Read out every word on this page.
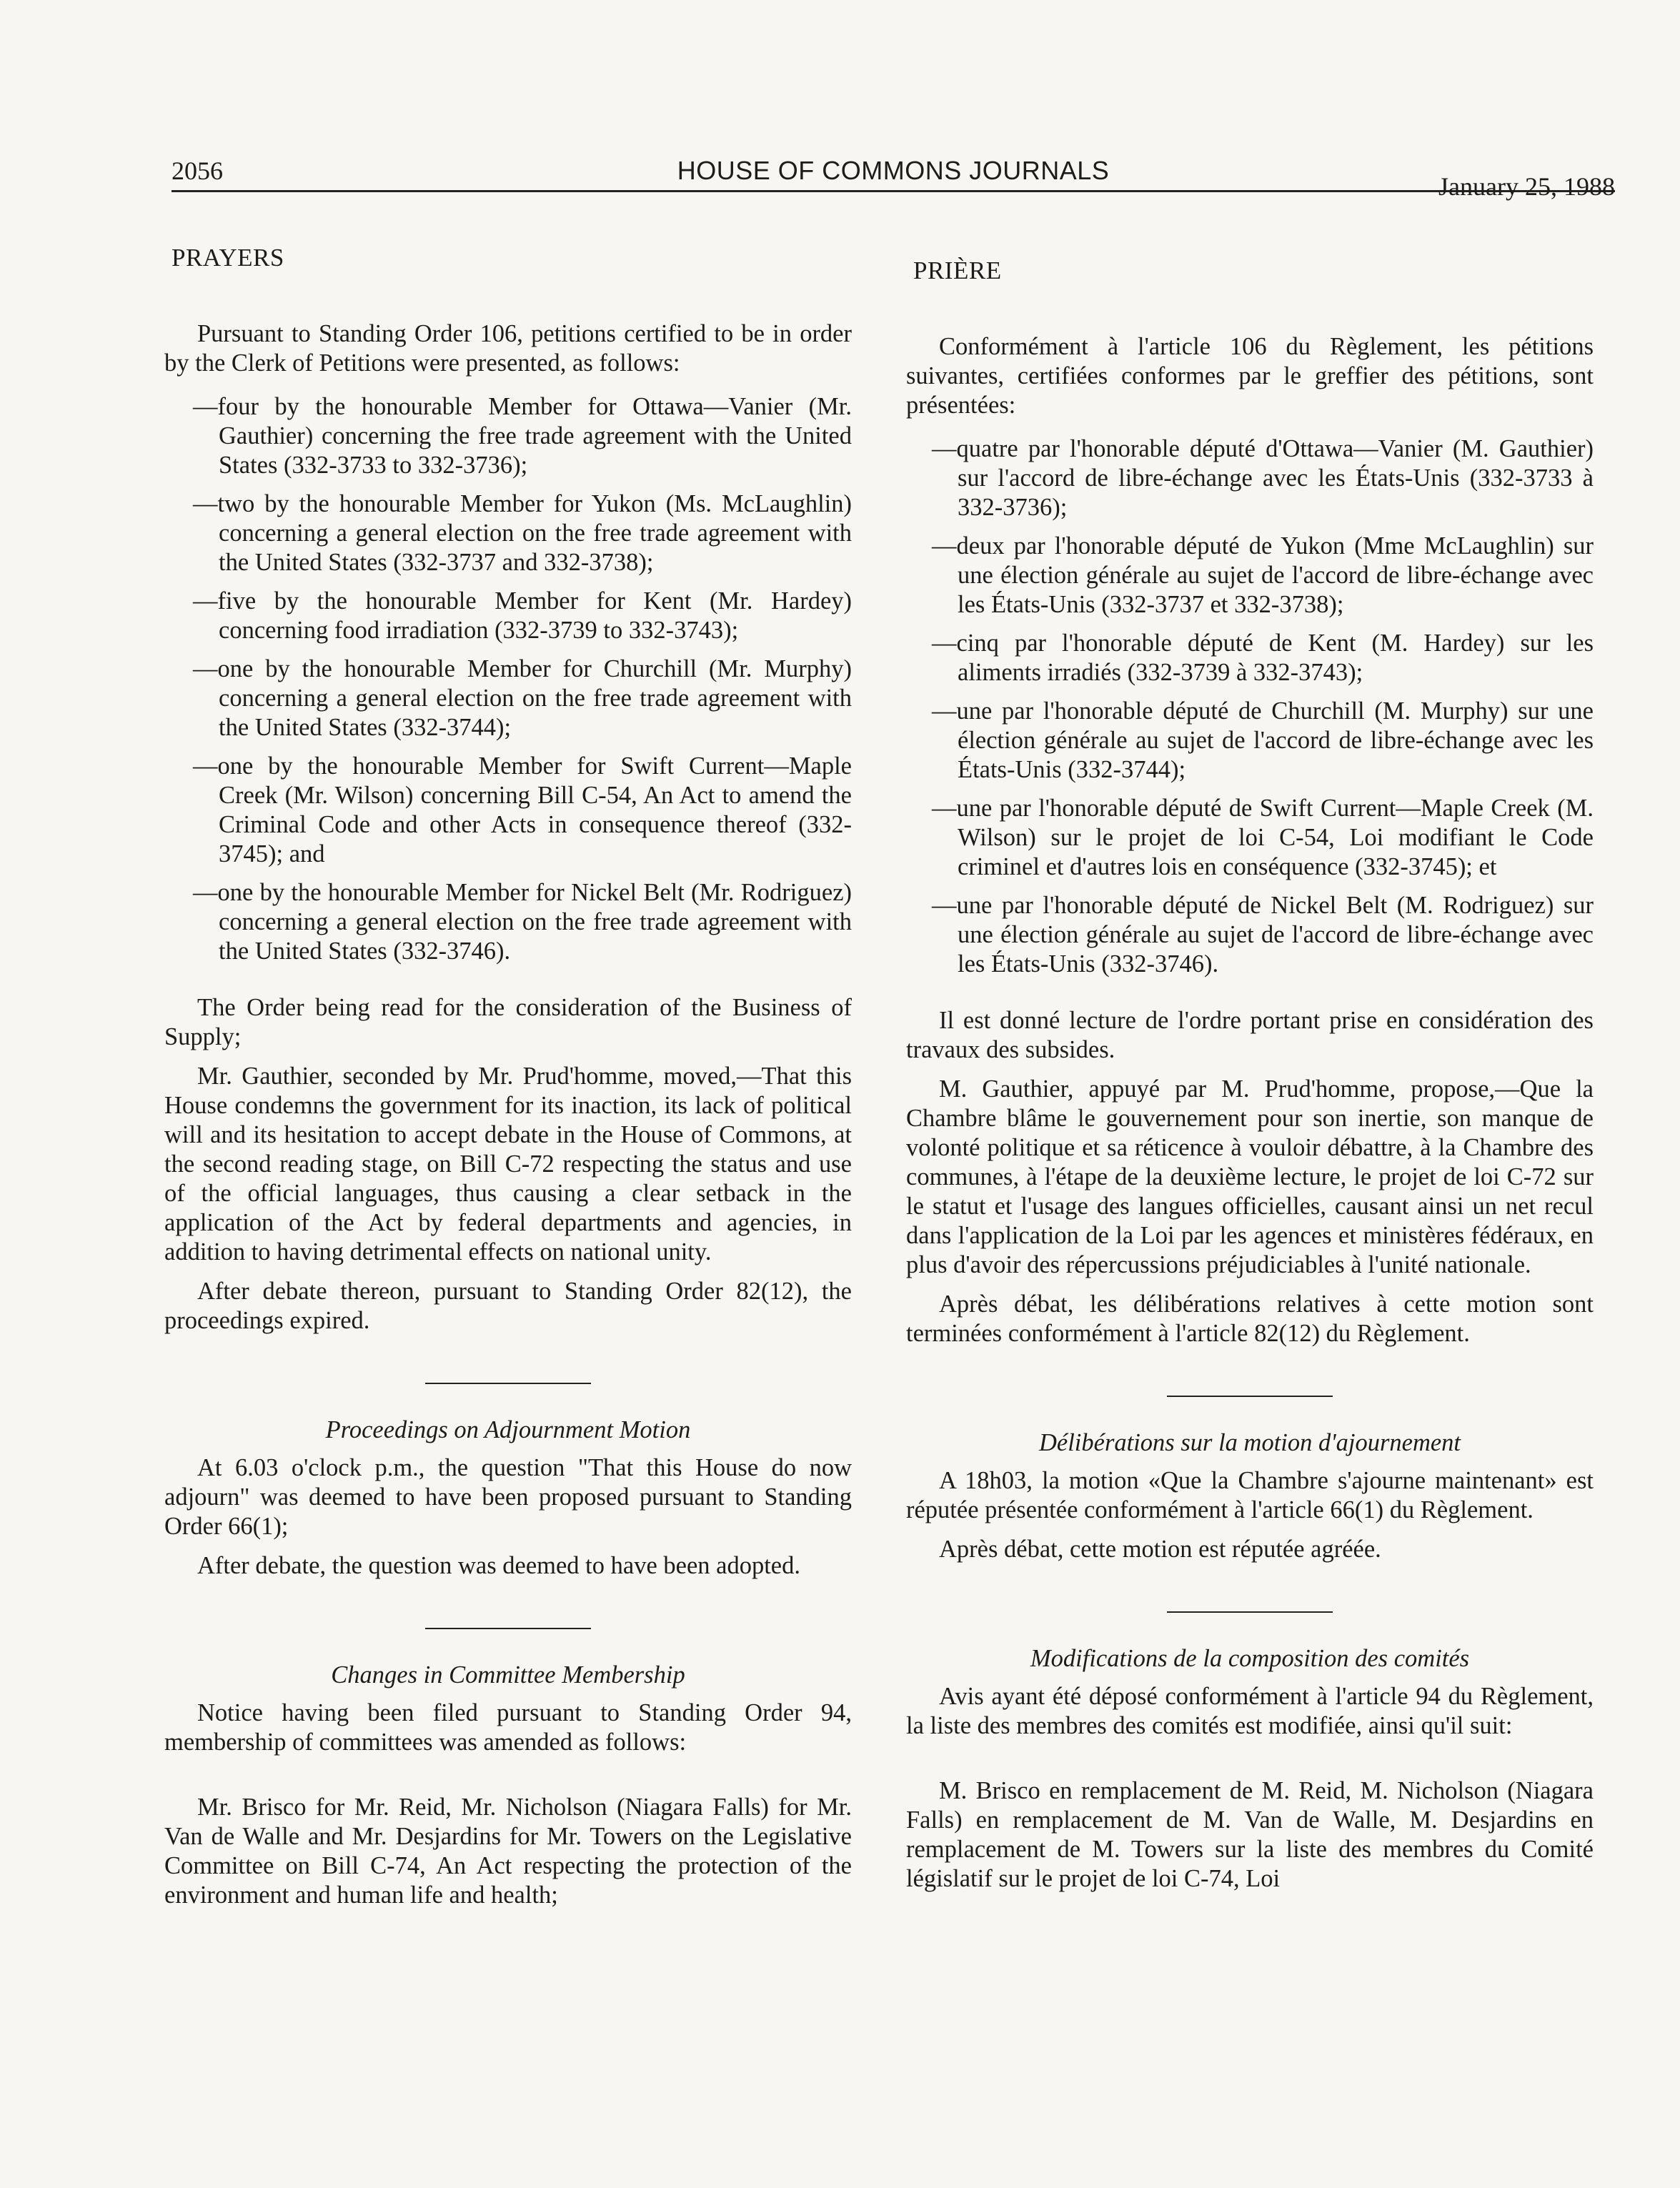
2056	HOUSE OF COMMONS JOURNALS
January 25, 1988
PRAYERS

Pursuant to Standing Order 106, petitions certified to be in order by the Clerk of Petitions were presented, as follows:

—four by the honourable Member for Ottawa—Vanier (Mr. Gauthier) concerning the free trade agreement with the United States (332-3733 to 332-3736);
—two by the honourable Member for Yukon (Ms. McLaughlin) concerning a general election on the free trade agreement with the United States (332-3737 and 332-3738);
—five by the honourable Member for Kent (Mr. Hardey) concerning food irradiation (332-3739 to 332-3743);
—one by the honourable Member for Churchill (Mr. Murphy) concerning a general election on the free trade agreement with the United States (332-3744);
—one by the honourable Member for Swift Current—Maple Creek (Mr. Wilson) concerning Bill C-54, An Act to amend the Criminal Code and other Acts in consequence thereof (332-3745); and
—one by the honourable Member for Nickel Belt (Mr. Rodriguez) concerning a general election on the free trade agreement with the United States (332-3746).

The Order being read for the consideration of the Business of Supply;

Mr. Gauthier, seconded by Mr. Prud'homme, moved,—That this House condemns the government for its inaction, its lack of political will and its hesitation to accept debate in the House of Commons, at the second reading stage, on Bill C-72 respecting the status and use of the official languages, thus causing a clear setback in the application of the Act by federal departments and agencies, in addition to having detrimental effects on national unity.

After debate thereon, pursuant to Standing Order 82(12), the proceedings expired.

Proceedings on Adjournment Motion

At 6.03 o'clock p.m., the question "That this House do now adjourn" was deemed to have been proposed pursuant to Standing Order 66(1);

After debate, the question was deemed to have been adopted.

Changes in Committee Membership

Notice having been filed pursuant to Standing Order 94, membership of committees was amended as follows:

Mr. Brisco for Mr. Reid, Mr. Nicholson (Niagara Falls) for Mr. Van de Walle and Mr. Desjardins for Mr. Towers on the Legislative Committee on Bill C-74, An Act respecting the protection of the environment and human life and health;

PRIÈRE

Conformément à l'article 106 du Règlement, les pétitions suivantes, certifiées conformes par le greffier des pétitions, sont présentées:

—quatre par l'honorable député d'Ottawa—Vanier (M. Gauthier) sur l'accord de libre-échange avec les États-Unis (332-3733 à 332-3736);
—deux par l'honorable député de Yukon (Mme McLaughlin) sur une élection générale au sujet de l'accord de libre-échange avec les États-Unis (332-3737 et 332-3738);
—cinq par l'honorable député de Kent (M. Hardey) sur les aliments irradiés (332-3739 à 332-3743);
—une par l'honorable député de Churchill (M. Murphy) sur une élection générale au sujet de l'accord de libre-échange avec les États-Unis (332-3744);
—une par l'honorable député de Swift Current—Maple Creek (M. Wilson) sur le projet de loi C-54, Loi modifiant le Code criminel et d'autres lois en conséquence (332-3745); et
—une par l'honorable député de Nickel Belt (M. Rodriguez) sur une élection générale au sujet de l'accord de libre-échange avec les États-Unis (332-3746).

Il est donné lecture de l'ordre portant prise en considération des travaux des subsides.

M. Gauthier, appuyé par M. Prud'homme, propose,—Que la Chambre blâme le gouvernement pour son inertie, son manque de volonté politique et sa réticence à vouloir débattre, à la Chambre des communes, à l'étape de la deuxième lecture, le projet de loi C-72 sur le statut et l'usage des langues officielles, causant ainsi un net recul dans l'application de la Loi par les agences et ministères fédéraux, en plus d'avoir des répercussions préjudiciables à l'unité nationale.

Après débat, les délibérations relatives à cette motion sont terminées conformément à l'article 82(12) du Règlement.

Délibérations sur la motion d'ajournement

A 18h03, la motion «Que la Chambre s'ajourne maintenant» est réputée présentée conformément à l'article 66(1) du Règlement.

Après débat, cette motion est réputée agréée.

Modifications de la composition des comités

Avis ayant été déposé conformément à l'article 94 du Règlement, la liste des membres des comités est modifiée, ainsi qu'il suit:

M. Brisco en remplacement de M. Reid, M. Nicholson (Niagara Falls) en remplacement de M. Van de Walle, M. Desjardins en remplacement de M. Towers sur la liste des membres du Comité législatif sur le projet de loi C-74, Loi
